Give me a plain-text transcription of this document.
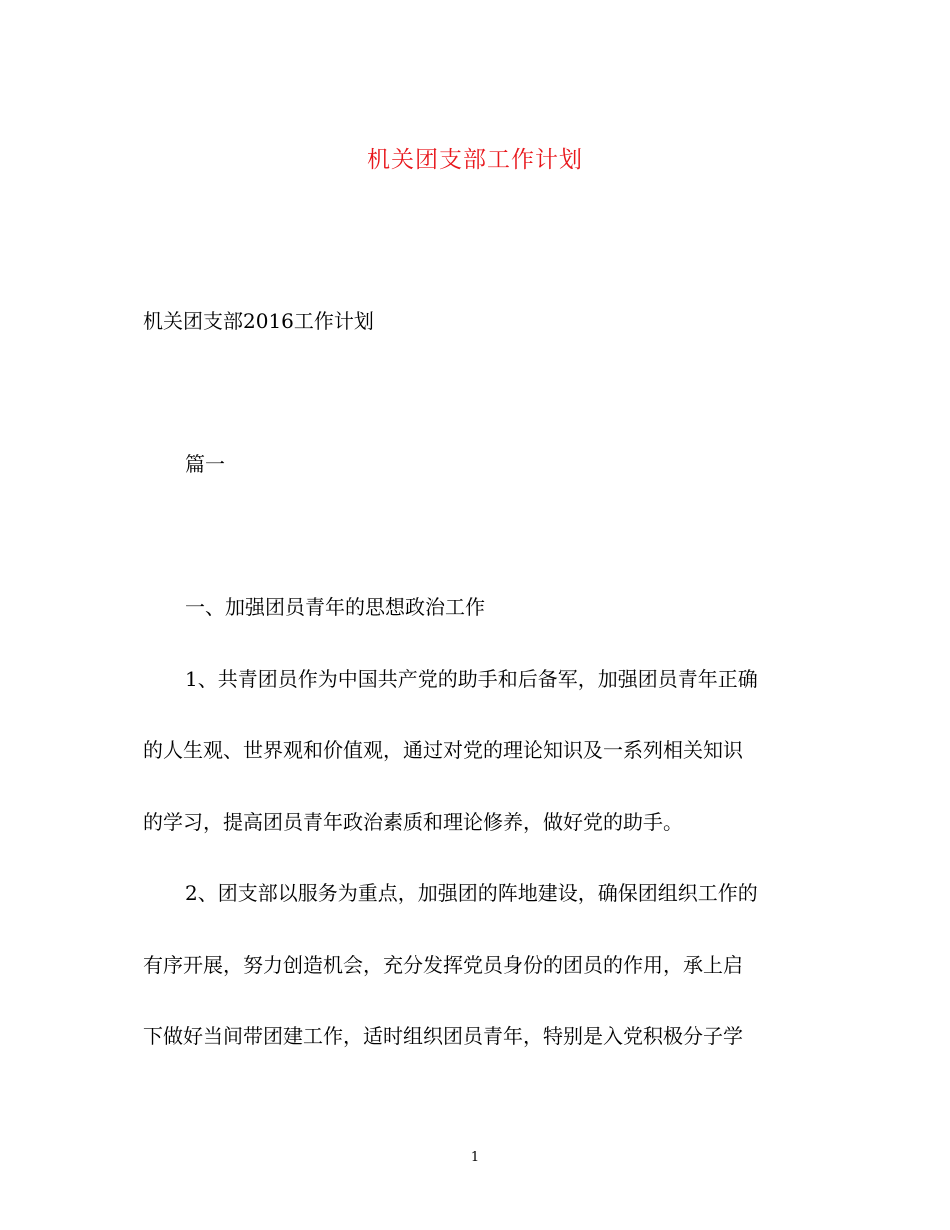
机关团支部工作计划
机关团支部2016工作计划
篇一
一、加强团员青年的思想政治工作
1、共青团员作为中国共产党的助手和后备军，加强团员青年正确
的人生观、世界观和价值观，通过对党的理论知识及一系列相关知识
的学习，提高团员青年政治素质和理论修养，做好党的助手。
2、团支部以服务为重点，加强团的阵地建设，确保团组织工作的
有序开展，努力创造机会，充分发挥党员身份的团员的作用，承上启
下做好当间带团建工作，适时组织团员青年，特别是入党积极分子学
1
